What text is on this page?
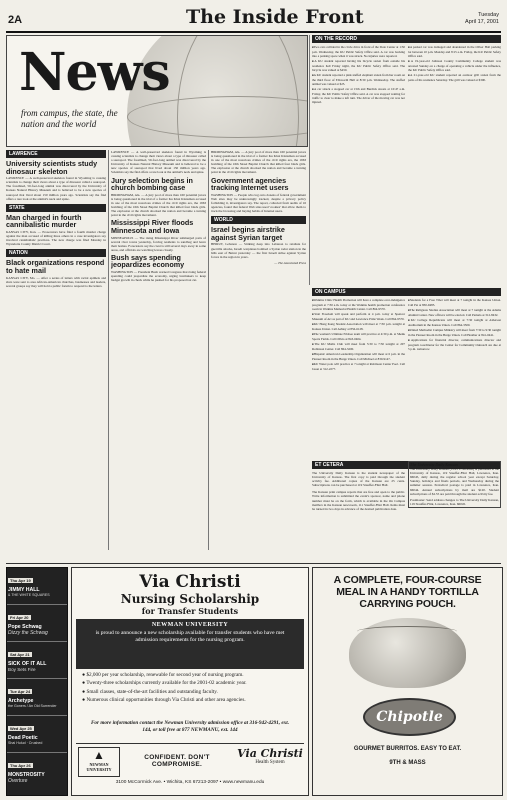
2A	The Inside Front	Tuesday
April 17, 2001
News
from campus, the state, the nation and the world
LAWRENCE

University scientists study dinosaur skeleton

LAWRENCE — A well-preserved skeleton found in Wyoming is causing scientists to change their views about a type of dinosaur called a sauropod. The fossilized, 50-foot-long animal was discovered by the University of Kansas Natural History Museum and is believed to be a new species of sauropod that lived about 150 million years ago. Scientists say the find offers a rare look at the animal's neck and spine.

STATE

Man charged in fourth cannibalistic murder

KANSAS CITY, Kan. — Prosecutors have filed a fourth murder charge against the man accused of killing three others in a case investigators say involved cannibalistic practices. The new charge was filed Monday in Wyandotte County District Court.

NATION

Black organizations respond to hate mail

KANSAS CITY, Mo. — After a series of letters with racial epithets and slurs were sent to area African-American churches, businesses and leaders, several groups say they will hold a public forum to respond to the letters.

LAWRENCE — A well-preserved skeleton found in Wyoming is causing scientists to change their views about a type of dinosaur called a sauropod. The fossilized, 50-foot-long animal was discovered by the University of Kansas Natural History Museum and is believed to be a new species of sauropod that lived about 150 million years ago. Scientists say the find offers a rare look at the animal's neck and spine.

Jury selection begins in church bombing case

BIRMINGHAM, Ala. — A jury pool of more than 160 potential jurors is being questioned in the trial of a former Ku Klux Klansman accused in one of the most notorious crimes of the civil rights era, the 1963 bombing of the 16th Street Baptist Church that killed four black girls. The explosion at the church shocked the nation and became a turning point in the civil rights movement.

Mississippi River floods Minnesota and Iowa

MINNEAPOLIS — The rising Mississippi River submerged parts of several river towns yesterday, forcing residents to sandbag and leave their homes. Forecasters say the crest is still several days away in some areas, and officials are watching levees closely.

Bush says spending jeopardizes economy

WASHINGTON — President Bush warned Congress that rising federal spending could jeopardize the economy, urging lawmakers to keep budget growth in check while he pushed for his proposed tax cut.

BIRMINGHAM, Ala. — A jury pool of more than 160 potential jurors is being questioned in the trial of a former Ku Klux Klansman accused in one of the most notorious crimes of the civil rights era, the 1963 bombing of the 16th Street Baptist Church that killed four black girls. The explosion at the church shocked the nation and became a turning point in the civil rights movement.

Government agencies tracking Internet users

WASHINGTON — People who log onto dozens of federal government Web sites may be unknowingly tracked, despite a privacy policy forbidding it, investigators say. The report, collected from audits of 16 agencies, found that federal Web sites used 'cookies' that allow them to track the browsing and buying habits of Internet users.

WORLD

Israel begins airstrike against Syrian target

BEIRUT, Lebanon — Striking deep into Lebanon to retaliate for guerrilla attacks, Israeli warplanes bombed a Syrian radar station in the hills east of Beirut yesterday — the first Israeli strike against Syrian forces in the region in years.

— The Associated Press

ON THE RECORD

■ Two cars collided in the circle drive in front of the Dole Center at 1:30 p.m. Wednesday, the KU Public Safety Office said. A car was backing into a parking space when it was struck. No injuries were reported.

■ A KU student reported having his bicycle stolen from outside his residence hall Friday night, the KU Public Safety Office said. The bicycle was valued at $450.

■ A KU student reported a pink stuffed elephant stolen from her room on the third floor of Ellsworth Hall at 8:30 p.m. Wednesday. The stuffed animal was valued at $25.

■ A car struck a stopped car at 15th and Burdick streets at 10:47 a.m. Friday, the KU Public Safety Office said. A car was stopped waiting for traffic to clear to make a left turn. The driver of the moving car was not injured.

■ A parked car was damaged and abandoned in the Oliver Hall parking lot between 10 p.m. Monday and 8:15 a.m. Friday, the KU Public Safety Office said.

■ A 19-year-old Johnson County Community College student was arrested Sunday on a charge of operating a vehicle under the influence, the KU Public Safety Office said.

■ A 21-year-old KU student reported an outdoor grill stolen from the patio of his residence Saturday. The grill was valued at $300.

ON CAMPUS

■ Watkins Clinic Health Promotion will have a complete over-indulgence program at 7:30 a.m. today at the Watkins health promotion conference room in Watkins Memorial Health Center. Call 864-9570.

■ Statt Freedom will speak and perform at 4 p.m. today at Spencer Museum of Art as part of KU and Lawrence Pride Week. Call 864-9570.

■ KU Hong Kong Student Association will meet at 7:30 p.m. tonight at Kansas Union. Call Ashley at 856-6128.

■ The women's Ultimate Frisbee team will practice at 4:30 p.m. at Shenk Sports Fields. Call Olivia at 843-0404.

■ The KU Maths Club will meet from 5:30 to 7:30 tonight at 207 Robinson Center. Call 864-3200.

■ Hispanic American Leadership Organization will meet at 6 p.m. in the Pioneer Room in the Burge Union. Call Michael at 830-9147.

■ KU Water polo will practice at 7 tonight at Robinson Center Pool. Call Jason at 312-2277.

■ Students for a Free Tibet will meet at 7 tonight in the Kansas Union. Call Pat at 830-9485.

■ The Religious Studies Association will meet at 7 tonight at the Adams Alumni Center. New officers will be elected. Call Pamela at 312-8432.

■ KU College Republicans will meet at 7:30 tonight at Alderson Auditorium in the Kansas Union. Call 864-3500.

■ United Methodist Campus Ministry will meet from 7:30 to 9:30 tonight in the Pioneer Room in the Burge Union. Call Heather at 841-0441.

■ Applications for financial director, communications director and program coordinator for the Center for Community Outreach are due at 5 p.m. tomorrow.

ET CETERA

The University Daily Kansan is the student newspaper of the University of Kansas. The first copy is paid through the student activity fee. Additional copies of the Kansan are 25 cents. Subscriptions can be purchased at 119 Stauffer-Flint Hall.

The Kansan print campus reports that are free and open to the public. Write information is submitted the event's sponsor, name and phone number must be on the form, which is available in the On Campus mailbox in the Kansan newsroom, 111 Stauffer-Flint Hall. Items must be turned in two days in advance of the desired publication date.

The University Daily Kansan

The University Daily Kansan (ISSN 0746-4962) is published at the University of Kansas, 119 Stauffer-Flint Hall, Lawrence, Kan. 66045, daily during the regular school year except Saturday, Sunday, holidays and finals periods, and Wednesday during the summer session. Periodical postage is paid in Lawrence, Kan. 66044. Annual subscriptions by mail are $120. Student subscriptions of $2.55 are paid through the student activity fee.

Postmaster: Send address changes to The University Daily Kansan, 119 Stauffer-Flint, Lawrence, Kan. 66045.

Thu Apr 19
JIMMY HALL
& THE WHITE SQUARES
Fri Apr 20
Pope Schwag
Dizzy the Schwag
Sat Apr 21
SICK OF IT ALL
Boy Sets Fire
Tue Apr 24
Archetype
the Goners / An Old Surrender
Wed Apr 25
Dead Poetic
Shai Hulud · Crushed
Thu Apr 26
MONSTROSITY
Overture
Via Christi
Nursing Scholarship
for Transfer Students
NEWMAN UNIVERSITY
is proud to announce a new scholarship available for transfer students who have met admission requirements for the nursing program.
● $2,000 per year scholarship, renewable for second year of nursing program.
● Twenty-three scholarships currently available for the 2001-02 academic year.
● Small classes, state-of-the-art facilities and outstanding faculty.
● Numerous clinical opportunities through Via Christi and other area agencies.
For more information contact the Newman University admission office at 316-942-4291, ext. 144, or toll free at 877 NEWMANU, ext. 144
▲
NEWMAN UNIVERSITY
CONFIDENT. DON'T COMPROMISE.
Via Christi
Health System
3100 McCormick Ave. • Wichita, KS 67213-2097 • www.newmanu.edu
A COMPLETE, FOUR-COURSE MEAL IN A HANDY TORTILLA CARRYING POUCH.
Chipotle
GOURMET BURRITOS. EASY TO EAT.
9TH & MASS
